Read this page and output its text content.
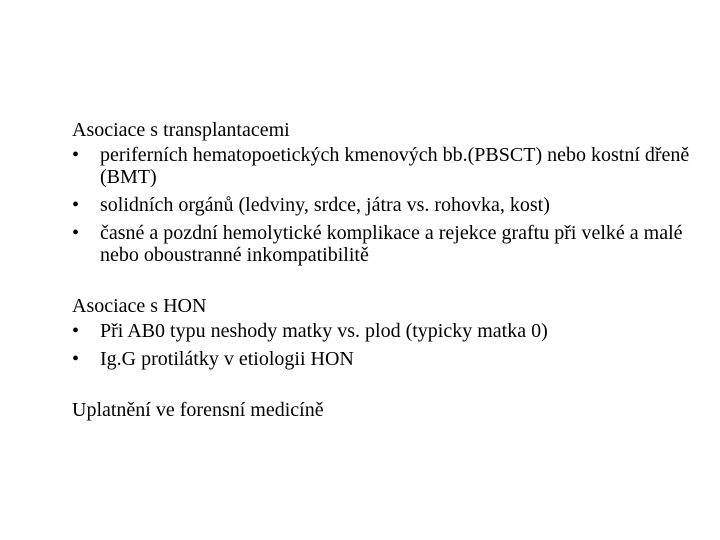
Asociace s transplantacemi
• periferních hematopoetických kmenových bb.(PBSCT) nebo kostní dřeně (BMT)
• solidních orgánů (ledviny, srdce, játra vs. rohovka, kost)
• časné a pozdní hemolytické komplikace a rejekce graftu při velké a malé nebo oboustranné inkompatibilitě
Asociace s HON
• Při AB0 typu neshody matky vs. plod (typicky matka 0)
• Ig.G protilátky v etiologii HON
Uplatnění ve forensní medicíně
